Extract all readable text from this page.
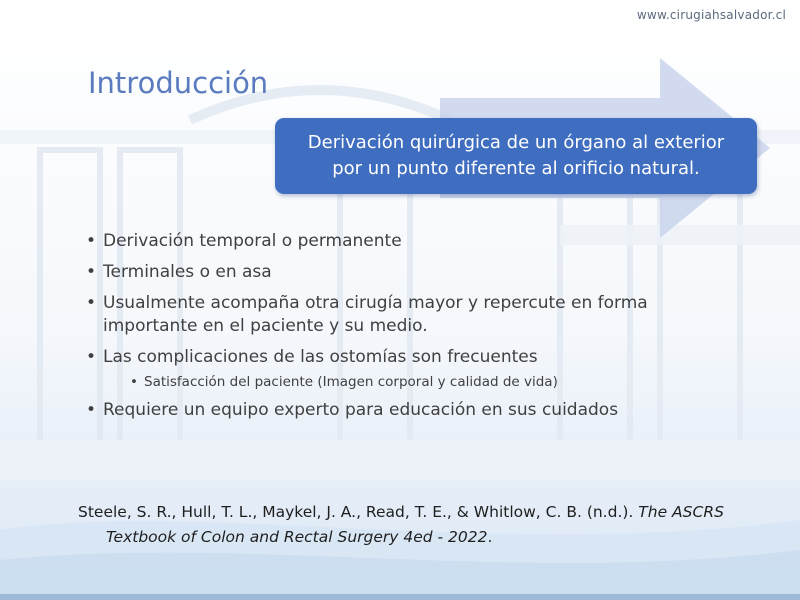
www.cirugiahsalvador.cl
Introducción
Derivación quirúrgica de un órgano al exterior
por un punto diferente al orificio natural.
• Derivación temporal o permanente
• Terminales o en asa
• Usualmente acompaña otra cirugía mayor y repercute en forma importante en el paciente y su medio.
• Las complicaciones de las ostomías son frecuentes
• Satisfacción del paciente (Imagen corporal y calidad de vida)
• Requiere un equipo experto para educación en sus cuidados
Steele, S. R., Hull, T. L., Maykel, J. A., Read, T. E., & Whitlow, C. B. (n.d.). The ASCRS
Textbook of Colon and Rectal Surgery 4ed - 2022.
